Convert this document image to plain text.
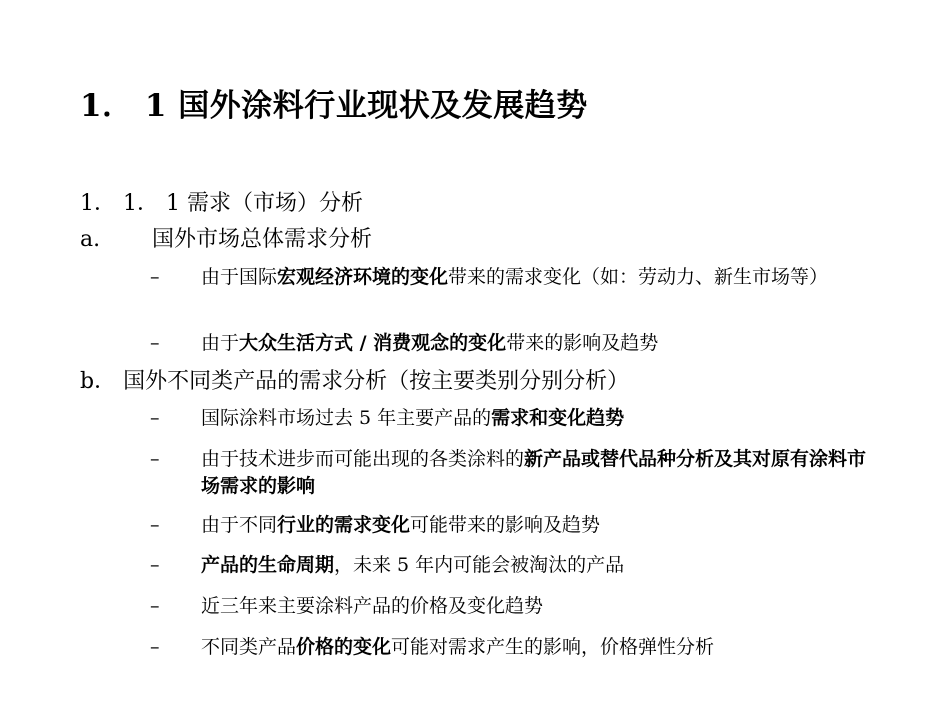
1． 1 国外涂料行业现状及发展趋势
1． 1． 1 需求（市场）分析
a. 国外市场总体需求分析
– 由于国际宏观经济环境的变化带来的需求变化（如：劳动力、新生市场等）
– 由于大众生活方式 / 消费观念的变化带来的影响及趋势
b． 国外不同类产品的需求分析（按主要类别分别分析）
– 国际涂料市场过去 5 年主要产品的需求和变化趋势
– 由于技术进步而可能出现的各类涂料的新产品或替代品种分析及其对原有涂料市场需求的影响
– 由于不同行业的需求变化可能带来的影响及趋势
– 产品的生命周期，未来 5 年内可能会被淘汰的产品
– 近三年来主要涂料产品的价格及变化趋势
– 不同类产品价格的变化可能对需求产生的影响，价格弹性分析
